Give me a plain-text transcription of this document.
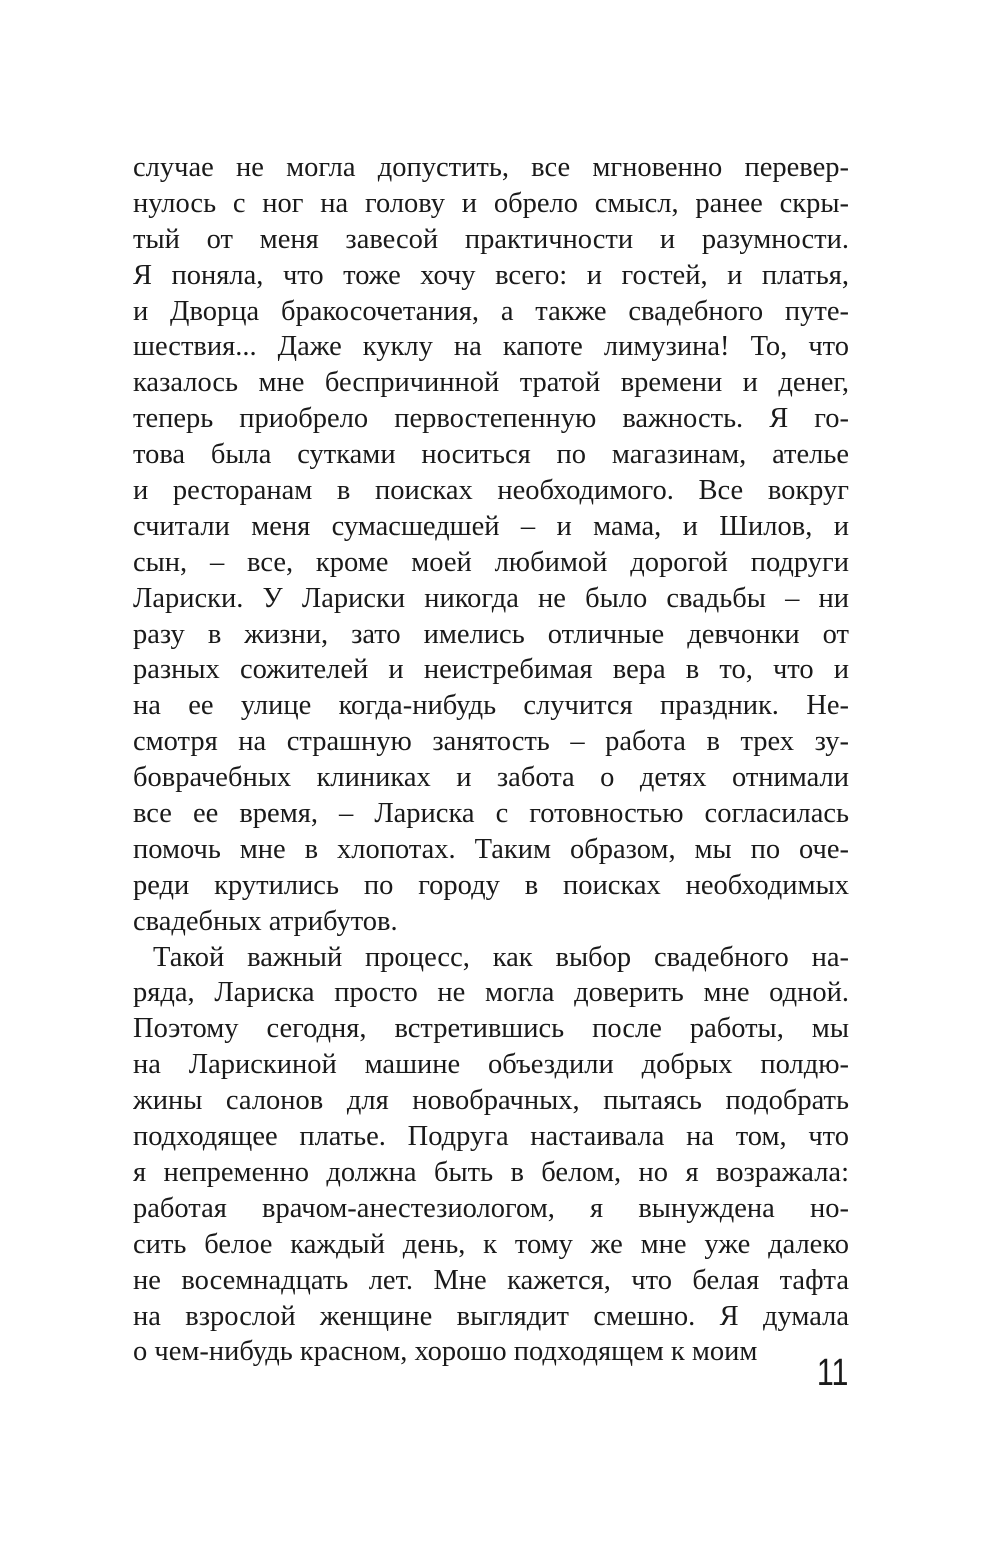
случае не могла допустить, все мгновенно перевер-
нулось с ног на голову и обрело смысл, ранее скры-
тый от меня завесой практичности и разумности.
Я поняла, что тоже хочу всего: и гостей, и платья,
и Дворца бракосочетания, а также свадебного путе-
шествия... Даже куклу на капоте лимузина! То, что
казалось мне беспричинной тратой времени и денег,
теперь приобрело первостепенную важность. Я го-
това была сутками носиться по магазинам, ателье
и ресторанам в поисках необходимого. Все вокруг
считали меня сумасшедшей – и мама, и Шилов, и
сын, – все, кроме моей любимой дорогой подруги
Лариски. У Лариски никогда не было свадьбы – ни
разу в жизни, зато имелись отличные девчонки от
разных сожителей и неистребимая вера в то, что и
на ее улице когда-нибудь случится праздник. Не-
смотря на страшную занятость – работа в трех зу-
боврачебных клиниках и забота о детях отнимали
все ее время, – Лариска с готовностью согласилась
помочь мне в хлопотах. Таким образом, мы по оче-
реди крутились по городу в поисках необходимых
свадебных атрибутов.
Такой важный процесс, как выбор свадебного на-
ряда, Лариска просто не могла доверить мне одной.
Поэтому сегодня, встретившись после работы, мы
на Ларискиной машине объездили добрых полдю-
жины салонов для новобрачных, пытаясь подобрать
подходящее платье. Подруга настаивала на том, что
я непременно должна быть в белом, но я возражала:
работая врачом-анестезиологом, я вынуждена но-
сить белое каждый день, к тому же мне уже далеко
не восемнадцать лет. Мне кажется, что белая тафта
на взрослой женщине выглядит смешно. Я думала
о чем-нибудь красном, хорошо подходящем к моим
11
